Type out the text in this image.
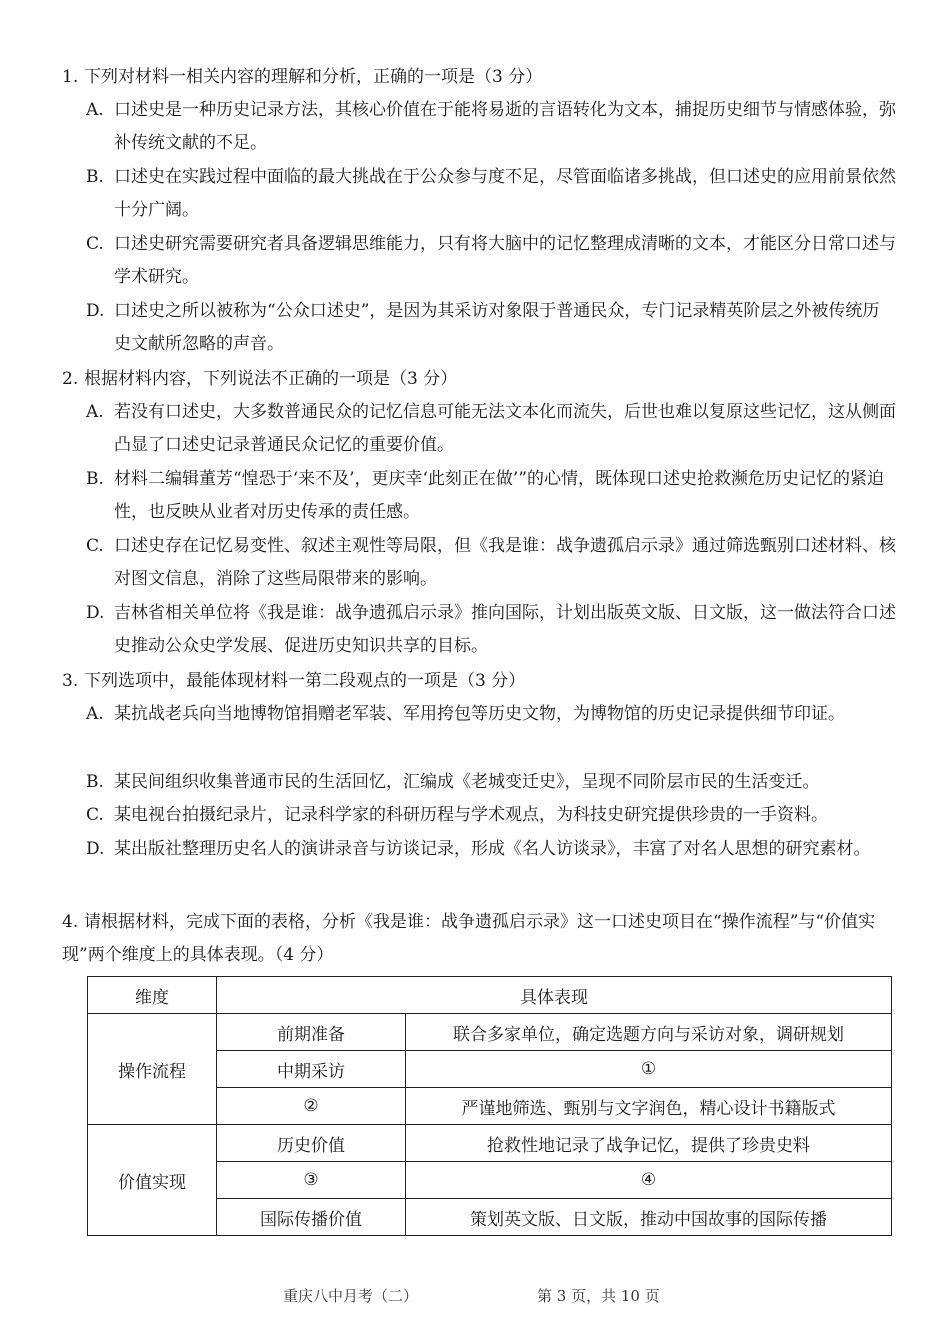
1. 下列对材料一相关内容的理解和分析，正确的一项是（3 分）
A. 口述史是一种历史记录方法，其核心价值在于能将易逝的言语转化为文本，捕捉历史细节与情感体验，弥补传统文献的不足。
B. 口述史在实践过程中面临的最大挑战在于公众参与度不足，尽管面临诸多挑战，但口述史的应用前景依然十分广阔。
C. 口述史研究需要研究者具备逻辑思维能力，只有将大脑中的记忆整理成清晰的文本，才能区分日常口述与学术研究。
D. 口述史之所以被称为“公众口述史”，是因为其采访对象限于普通民众，专门记录精英阶层之外被传统历史文献所忽略的声音。
2. 根据材料内容，下列说法不正确的一项是（3 分）
A. 若没有口述史，大多数普通民众的记忆信息可能无法文本化而流失，后世也难以复原这些记忆，这从侧面凸显了口述史记录普通民众记忆的重要价值。
B. 材料二编辑董芳“惶恐于‘来不及’，更庆幸‘此刻正在做’”的心情，既体现口述史抢救濒危历史记忆的紧迫性，也反映从业者对历史传承的责任感。
C. 口述史存在记忆易变性、叙述主观性等局限，但《我是谁：战争遗孤启示录》通过筛选甄别口述材料、核对图文信息，消除了这些局限带来的影响。
D. 吉林省相关单位将《我是谁：战争遗孤启示录》推向国际，计划出版英文版、日文版，这一做法符合口述史推动公众史学发展、促进历史知识共享的目标。
3. 下列选项中，最能体现材料一第二段观点的一项是（3 分）
A. 某抗战老兵向当地博物馆捐赠老军装、军用挎包等历史文物，为博物馆的历史记录提供细节印证。
B. 某民间组织收集普通市民的生活回忆，汇编成《老城变迁史》，呈现不同阶层市民的生活变迁。
C. 某电视台拍摄纪录片，记录科学家的科研历程与学术观点，为科技史研究提供珍贵的一手资料。
D. 某出版社整理历史名人的演讲录音与访谈记录，形成《名人访谈录》，丰富了对名人思想的研究素材。
4. 请根据材料，完成下面的表格，分析《我是谁：战争遗孤启示录》这一口述史项目在“操作流程”与“价值实现”两个维度上的具体表现。（4 分）
维度	具体表现	
操作流程	前期准备	联合多家单位，确定选题方向与采访对象，调研规划
	中期采访	①
	②	严谨地筛选、甄别与文字润色，精心设计书籍版式
价值实现	历史价值	抢救性地记录了战争记忆，提供了珍贵史料
	③	④
	国际传播价值	策划英文版、日文版，推动中国故事的国际传播
重庆八中月考（二）	第 3 页，共 10 页
